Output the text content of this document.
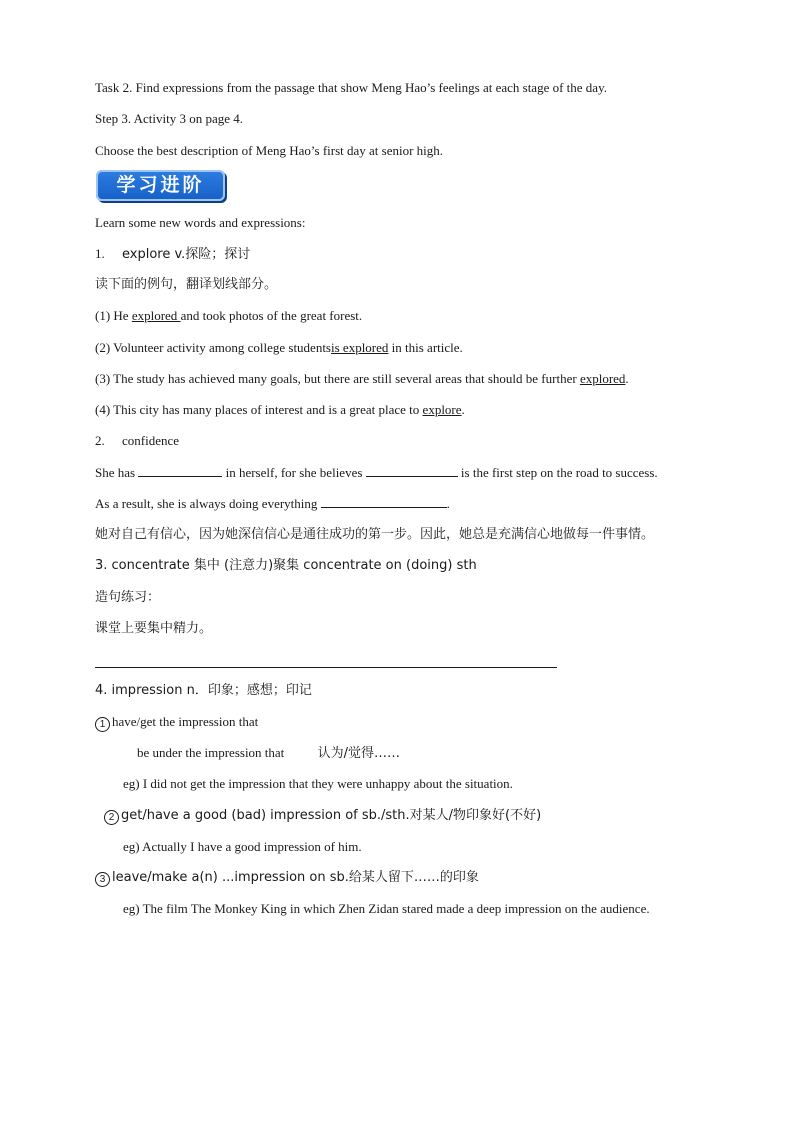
Task 2. Find expressions from the passage that show Meng Hao’s feelings at each stage of the day.
Step 3. Activity 3 on page 4.
Choose the best description of Meng Hao’s first day at senior high.
学习进阶
Learn some new words and expressions:
1. explore v.探险；探讨
读下面的例句，翻译划线部分。
(1) He explored and took photos of the great forest.
(2) Volunteer activity among college studentsis explored in this article.
(3) The study has achieved many goals, but there are still several areas that should be further explored.
(4) This city has many places of interest and is a great place to explore.
2. confidence
She has	in herself, for she believes	is the first step on the road to success.
As a result, she is always doing everything	.
她对自己有信心，因为她深信信心是通往成功的第一步。因此，她总是充满信心地做每一件事情。
3. concentrate 集中 (注意力)聚集 concentrate on (doing) sth
造句练习：
课堂上要集中精力。
4. impression n．印象；感想；印记
1 have/get the impression that
be under the impression that	认为/觉得……
eg) I did not get the impression that they were unhappy about the situation.
2 get/have a good (bad) impression of sb./sth.对某人/物印象好(不好)
eg) Actually I have a good impression of him.
3 leave/make a(n) ...impression on sb.给某人留下……的印象
eg) The film The Monkey King in which Zhen Zidan stared made a deep impression on the audience.
